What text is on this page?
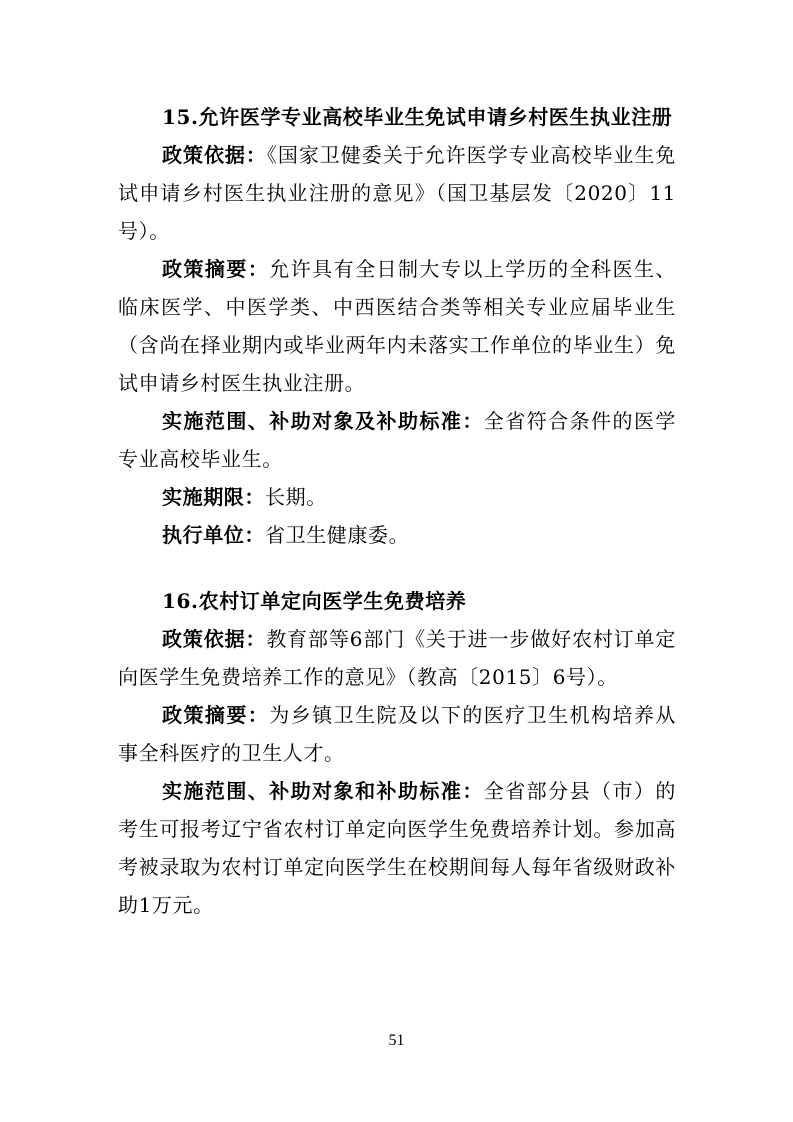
15.允许医学专业高校毕业生免试申请乡村医生执业注册

政策依据：《国家卫健委关于允许医学专业高校毕业生免试申请乡村医生执业注册的意见》（国卫基层发〔2020〕11号）。

政策摘要：允许具有全日制大专以上学历的全科医生、临床医学、中医学类、中西医结合类等相关专业应届毕业生（含尚在择业期内或毕业两年内未落实工作单位的毕业生）免试申请乡村医生执业注册。

实施范围、补助对象及补助标准：全省符合条件的医学专业高校毕业生。

实施期限：长期。

执行单位：省卫生健康委。

16.农村订单定向医学生免费培养

政策依据：教育部等6部门《关于进一步做好农村订单定向医学生免费培养工作的意见》（教高〔2015〕6号）。

政策摘要：为乡镇卫生院及以下的医疗卫生机构培养从事全科医疗的卫生人才。

实施范围、补助对象和补助标准：全省部分县（市）的考生可报考辽宁省农村订单定向医学生免费培养计划。参加高考被录取为农村订单定向医学生在校期间每人每年省级财政补助1万元。

51
